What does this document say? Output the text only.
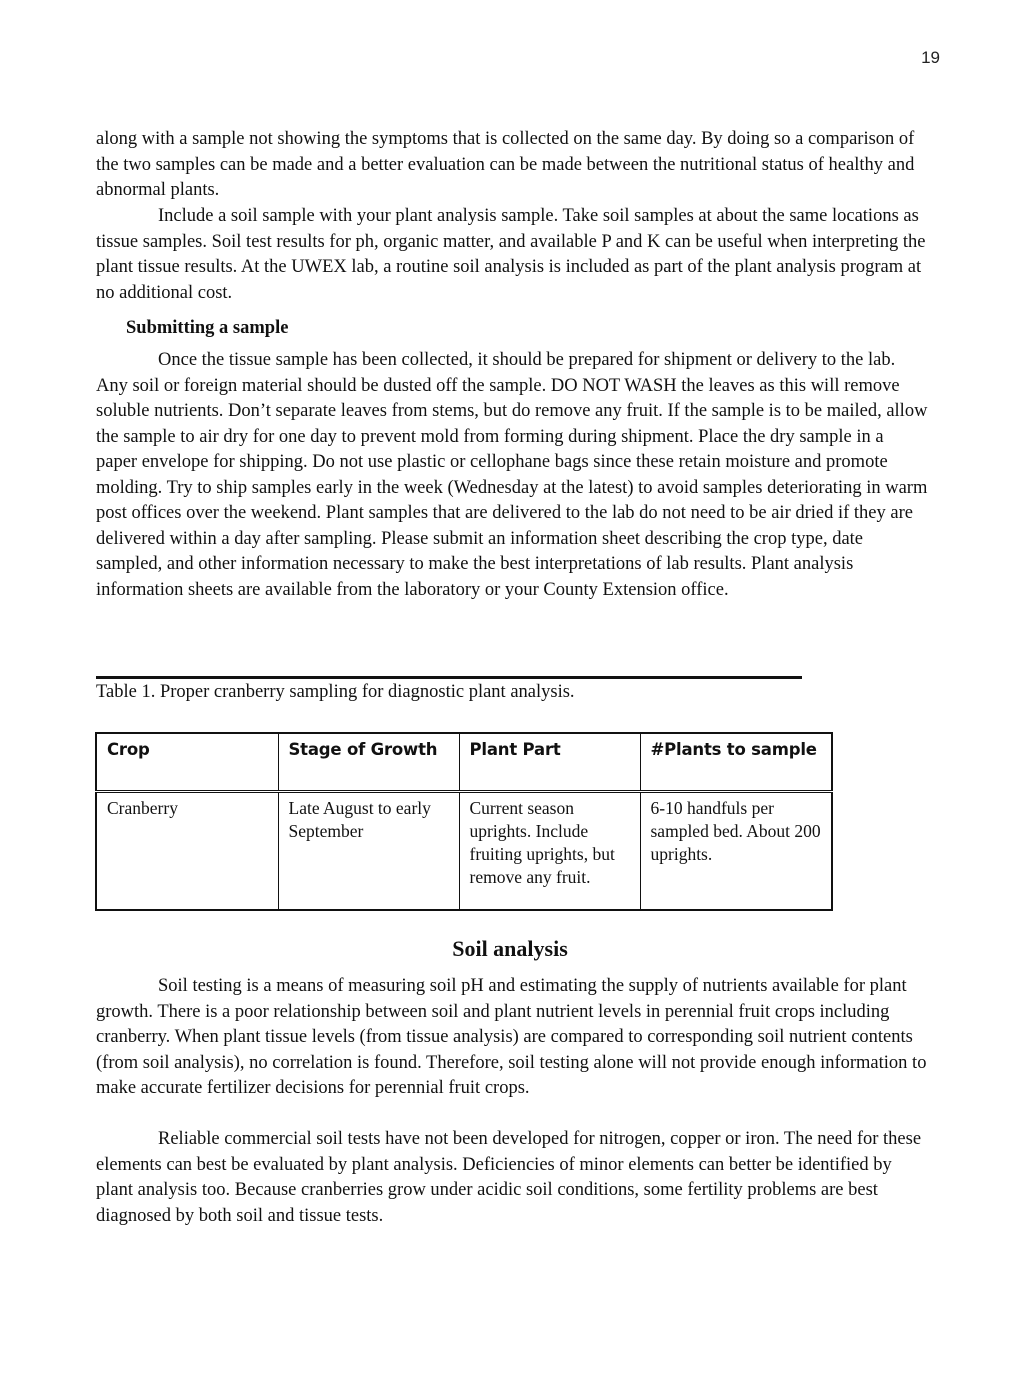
19

along with a sample not showing the symptoms that is collected on the same day. By doing so a comparison of the two samples can be made and a better evaluation can be made between the nutritional status of healthy and abnormal plants.

Include a soil sample with your plant analysis sample. Take soil samples at about the same locations as tissue samples. Soil test results for ph, organic matter, and available P and K can be useful when interpreting the plant tissue results. At the UWEX lab, a routine soil analysis is included as part of the plant analysis program at no additional cost.

Submitting a sample

Once the tissue sample has been collected, it should be prepared for shipment or delivery to the lab. Any soil or foreign material should be dusted off the sample. DO NOT WASH the leaves as this will remove soluble nutrients. Don’t separate leaves from stems, but do remove any fruit. If the sample is to be mailed, allow the sample to air dry for one day to prevent mold from forming during shipment. Place the dry sample in a paper envelope for shipping. Do not use plastic or cellophane bags since these retain moisture and promote molding. Try to ship samples early in the week (Wednesday at the latest) to avoid samples deteriorating in warm post offices over the weekend. Plant samples that are delivered to the lab do not need to be air dried if they are delivered within a day after sampling. Please submit an information sheet describing the crop type, date sampled, and other information necessary to make the best interpretations of lab results. Plant analysis information sheets are available from the laboratory or your County Extension office.

Table 1. Proper cranberry sampling for diagnostic plant analysis.

Crop	Stage of Growth	Plant Part	#Plants to sample
Cranberry	Late August to early September	Current season uprights. Include fruiting uprights, but remove any fruit.	6-10 handfuls per sampled bed. About 200 uprights.
Soil analysis

Soil testing is a means of measuring soil pH and estimating the supply of nutrients available for plant growth. There is a poor relationship between soil and plant nutrient levels in perennial fruit crops including cranberry. When plant tissue levels (from tissue analysis) are compared to corresponding soil nutrient contents (from soil analysis), no correlation is found. Therefore, soil testing alone will not provide enough information to make accurate fertilizer decisions for perennial fruit crops.

Reliable commercial soil tests have not been developed for nitrogen, copper or iron. The need for these elements can best be evaluated by plant analysis. Deficiencies of minor elements can better be identified by plant analysis too. Because cranberries grow under acidic soil conditions, some fertility problems are best diagnosed by both soil and tissue tests.
